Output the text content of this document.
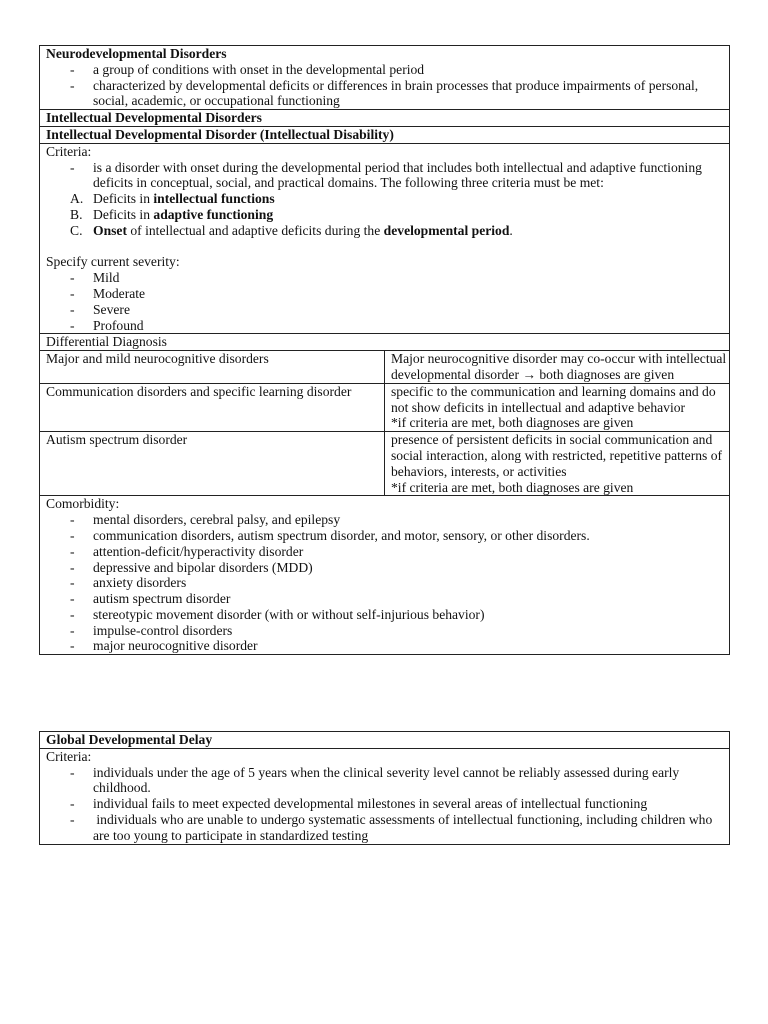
Neurodevelopmental Disorders
- a group of conditions with onset in the developmental period
- characterized by developmental deficits or differences in brain processes that produce impairments of personal, social, academic, or occupational functioning

Intellectual Developmental Disorders	
Intellectual Developmental Disorder (Intellectual Disability)	

Criteria:
- is a disorder with onset during the developmental period that includes both intellectual and adaptive functioning deficits in conceptual, social, and practical domains. The following three criteria must be met:
A. Deficits in intellectual functions
B. Deficits in adaptive functioning
C. Onset of intellectual and adaptive deficits during the developmental period.
Specify current severity:
- Mild
- Moderate
- Severe
- Profound

Differential Diagnosis	
Major and mild neurocognitive disorders	Major neurocognitive disorder may co-occur with intellectual developmental disorder → both diagnoses are given

Communication disorders and specific learning disorder	specific to the communication and learning domains and do not show deficits in intellectual and adaptive behavior
*if criteria are met, both diagnoses are given

Autism spectrum disorder	presence of persistent deficits in social communication and social interaction, along with restricted, repetitive patterns of behaviors, interests, or activities
*if criteria are met, both diagnoses are given

Comorbidity:
- mental disorders, cerebral palsy, and epilepsy
- communication disorders, autism spectrum disorder, and motor, sensory, or other disorders.
- attention-deficit/hyperactivity disorder
- depressive and bipolar disorders (MDD)
- anxiety disorders
- autism spectrum disorder
- stereotypic movement disorder (with or without self-injurious behavior)
- impulse-control disorders
- major neurocognitive disorder
Global Developmental Delay

Criteria:
- individuals under the age of 5 years when the clinical severity level cannot be reliably assessed during early childhood.
- individual fails to meet expected developmental milestones in several areas of intellectual functioning
-  individuals who are unable to undergo systematic assessments of intellectual functioning, including children who are too young to participate in standardized testing
